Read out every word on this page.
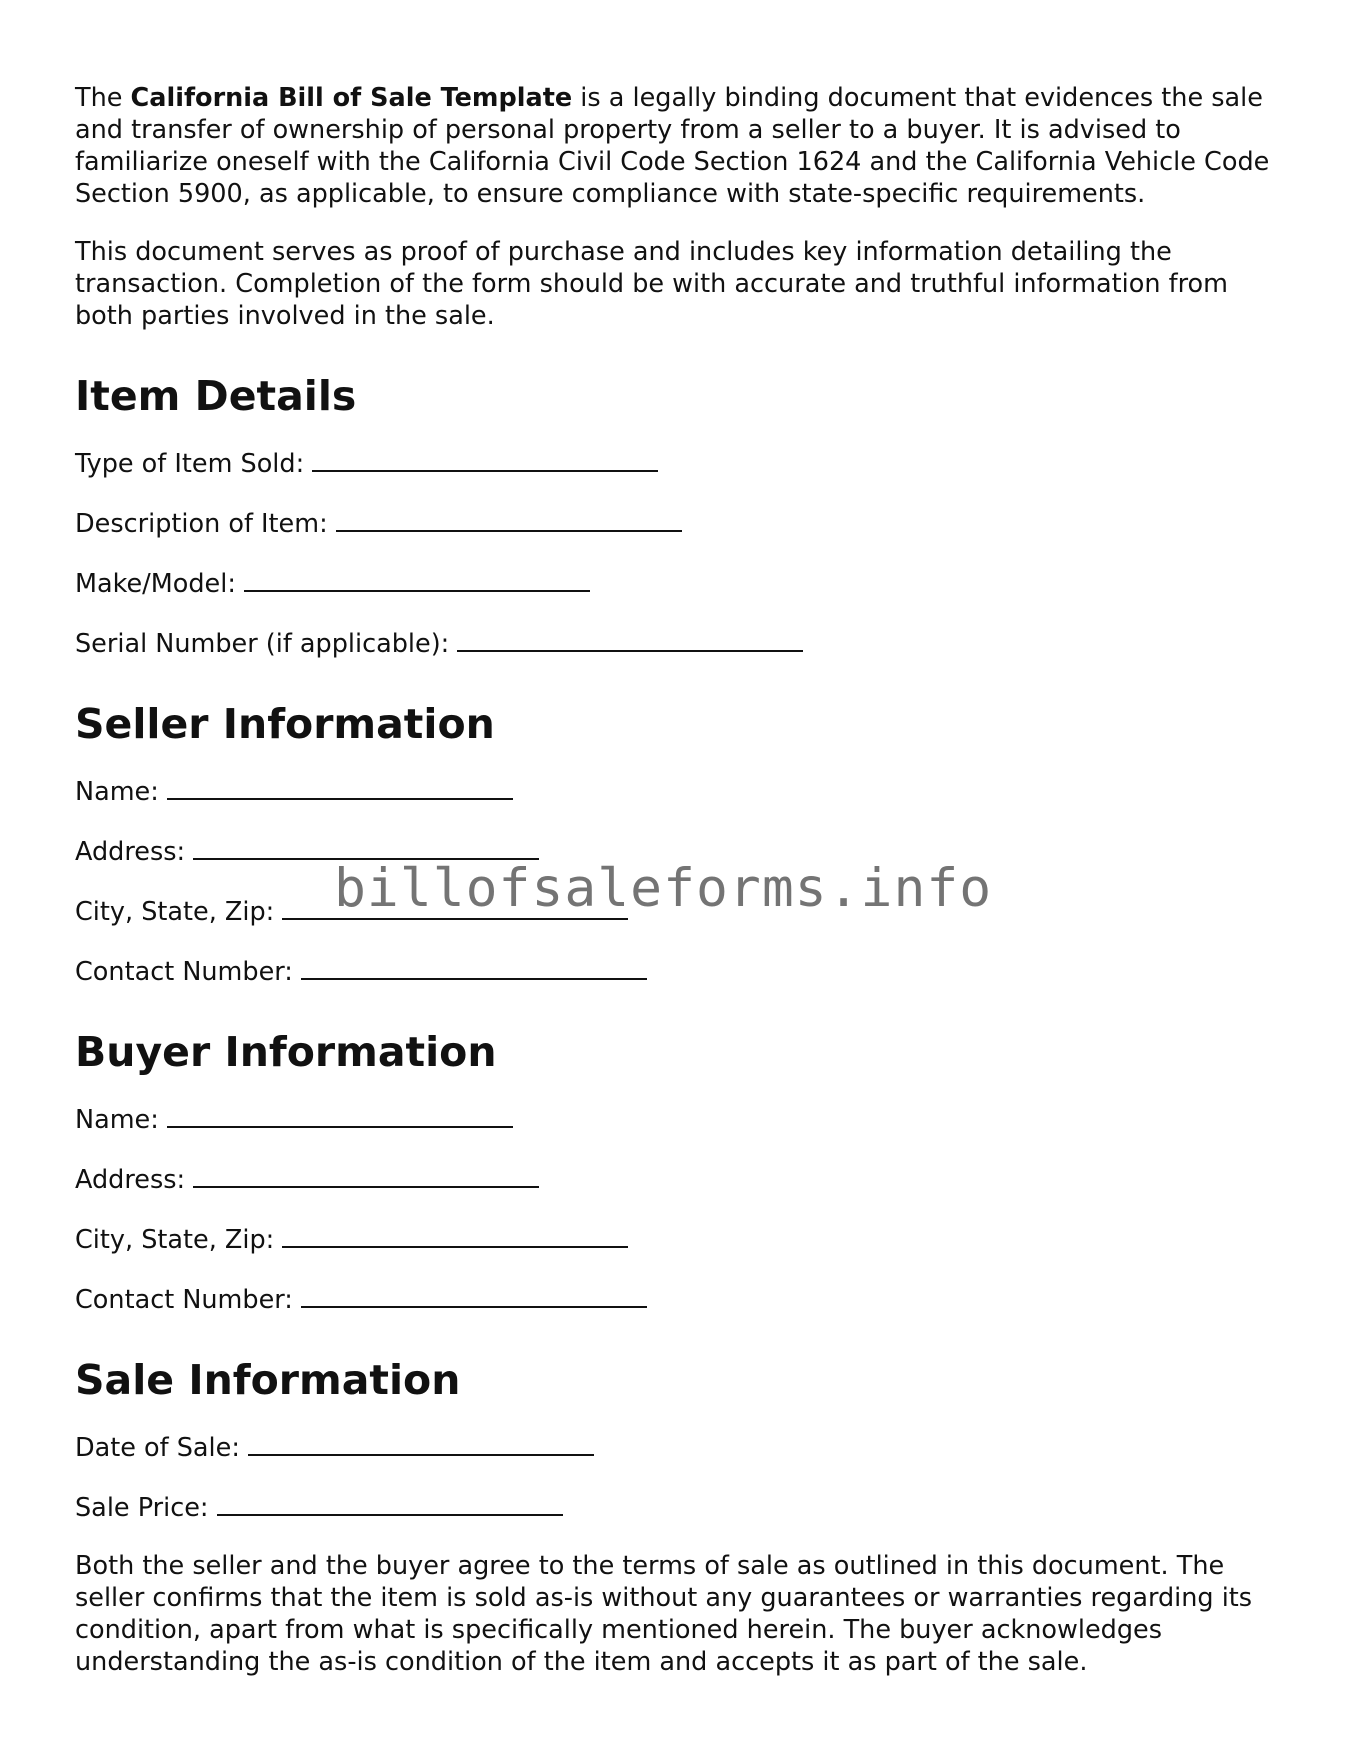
The California Bill of Sale Template is a legally binding document that evidences the sale and transfer of ownership of personal property from a seller to a buyer. It is advised to familiarize oneself with the California Civil Code Section 1624 and the California Vehicle Code Section 5900, as applicable, to ensure compliance with state-specific requirements.

This document serves as proof of purchase and includes key information detailing the transaction. Completion of the form should be with accurate and truthful information from both parties involved in the sale.

Item Details
Type of Item Sold:
Description of Item:
Make/Model:
Serial Number (if applicable):
Seller Information
Name:
Address:
City, State, Zip:
Contact Number:
Buyer Information
Name:
Address:
City, State, Zip:
Contact Number:
Sale Information
Date of Sale:
Sale Price:

Both the seller and the buyer agree to the terms of sale as outlined in this document. The seller confirms that the item is sold as-is without any guarantees or warranties regarding its condition, apart from what is specifically mentioned herein. The buyer acknowledges understanding the as-is condition of the item and accepts it as part of the sale.

billofsaleforms.info
